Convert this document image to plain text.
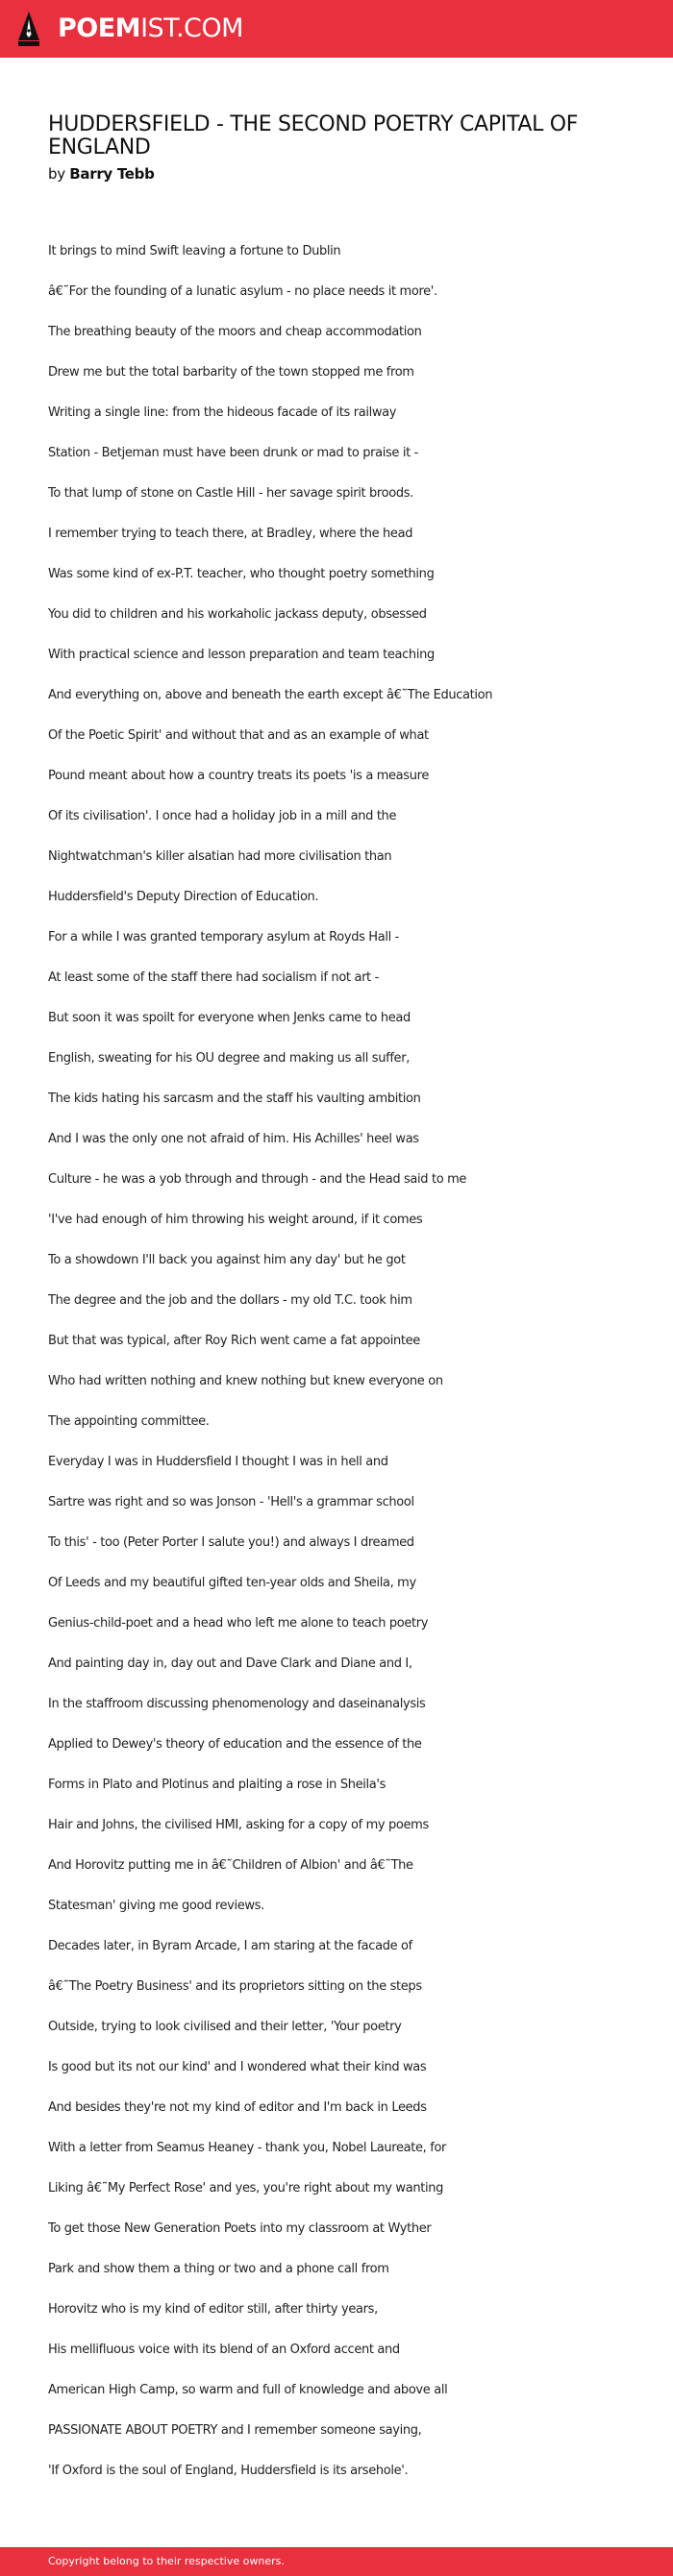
POEMIST.COM
HUDDERSFIELD - THE SECOND POETRY CAPITAL OF ENGLAND
by Barry Tebb
It brings to mind Swift leaving a fortune to Dublin
â€˜For the founding of a lunatic asylum - no place needs it more'.
The breathing beauty of the moors and cheap accommodation
Drew me but the total barbarity of the town stopped me from
Writing a single line: from the hideous facade of its railway
Station - Betjeman must have been drunk or mad to praise it -
To that lump of stone on Castle Hill - her savage spirit broods.
I remember trying to teach there, at Bradley, where the head
Was some kind of ex-P.T. teacher, who thought poetry something
You did to children and his workaholic jackass deputy, obsessed
With practical science and lesson preparation and team teaching
And everything on, above and beneath the earth except â€˜The Education
Of the Poetic Spirit' and without that and as an example of what
Pound meant about how a country treats its poets 'is a measure
Of its civilisation'. I once had a holiday job in a mill and the
Nightwatchman's killer alsatian had more civilisation than
Huddersfield's Deputy Direction of Education.
For a while I was granted temporary asylum at Royds Hall -
At least some of the staff there had socialism if not art -
But soon it was spoilt for everyone when Jenks came to head
English, sweating for his OU degree and making us all suffer,
The kids hating his sarcasm and the staff his vaulting ambition
And I was the only one not afraid of him. His Achilles' heel was
Culture - he was a yob through and through - and the Head said to me
'I've had enough of him throwing his weight around, if it comes
To a showdown I'll back you against him any day' but he got
The degree and the job and the dollars - my old T.C. took him
But that was typical, after Roy Rich went came a fat appointee
Who had written nothing and knew nothing but knew everyone on
The appointing committee.
Everyday I was in Huddersfield I thought I was in hell and
Sartre was right and so was Jonson - 'Hell's a grammar school
To this' - too (Peter Porter I salute you!) and always I dreamed
Of Leeds and my beautiful gifted ten-year olds and Sheila, my
Genius-child-poet and a head who left me alone to teach poetry
And painting day in, day out and Dave Clark and Diane and I,
In the staffroom discussing phenomenology and daseinanalysis
Applied to Dewey's theory of education and the essence of the
Forms in Plato and Plotinus and plaiting a rose in Sheila's
Hair and Johns, the civilised HMI, asking for a copy of my poems
And Horovitz putting me in â€˜Children of Albion' and â€˜The
Statesman' giving me good reviews.
Decades later, in Byram Arcade, I am staring at the facade of
â€˜The Poetry Business' and its proprietors sitting on the steps
Outside, trying to look civilised and their letter, 'Your poetry
Is good but its not our kind' and I wondered what their kind was
And besides they're not my kind of editor and I'm back in Leeds
With a letter from Seamus Heaney - thank you, Nobel Laureate, for
Liking â€˜My Perfect Rose' and yes, you're right about my wanting
To get those New Generation Poets into my classroom at Wyther
Park and show them a thing or two and a phone call from
Horovitz who is my kind of editor still, after thirty years,
His mellifluous voice with its blend of an Oxford accent and
American High Camp, so warm and full of knowledge and above all
PASSIONATE ABOUT POETRY and I remember someone saying,
'If Oxford is the soul of England, Huddersfield is its arsehole'.
Copyright belong to their respective owners.
